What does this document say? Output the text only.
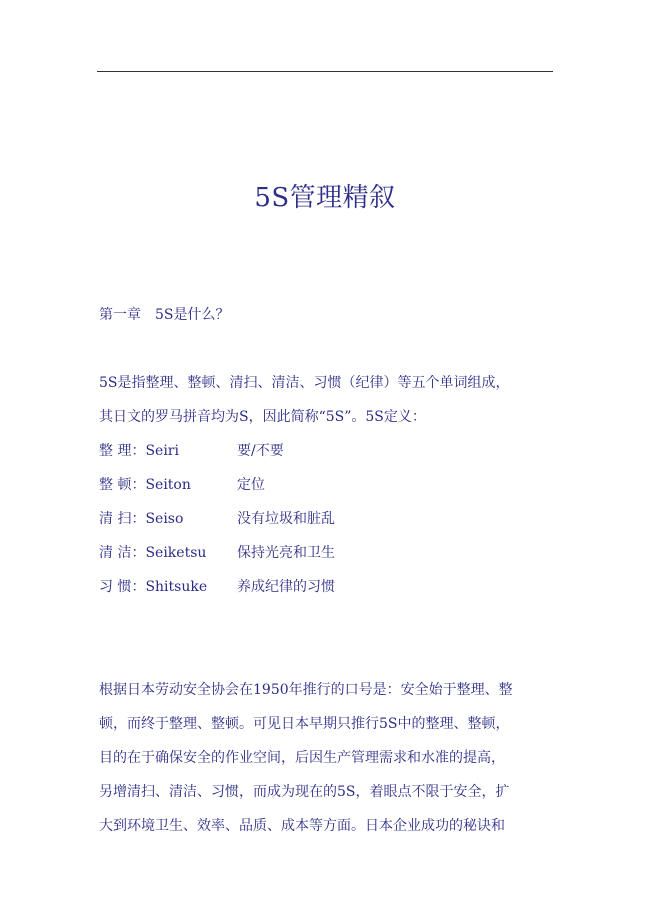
5S管理精叙
第一章　5S是什么？
5S是指整理、整顿、清扫、清洁、习惯（纪律）等五个单词组成，
其日文的罗马拼音均为S，因此简称“5S”。5S定义：
整 理：Seiri	要/不要
整 顿：Seiton	定位
清 扫：Seiso	没有垃圾和脏乱
清 洁：Seiketsu 保持光亮和卫生
习 惯：Shitsuke 养成纪律的习惯
根据日本劳动安全协会在1950年推行的口号是：安全始于整理、整
顿，而终于整理、整顿。可见日本早期只推行5S中的整理、整顿，
目的在于确保安全的作业空间，后因生产管理需求和水准的提高，
另增清扫、清洁、习惯，而成为现在的5S，着眼点不限于安全，扩
大到环境卫生、效率、品质、成本等方面。日本企业成功的秘诀和
